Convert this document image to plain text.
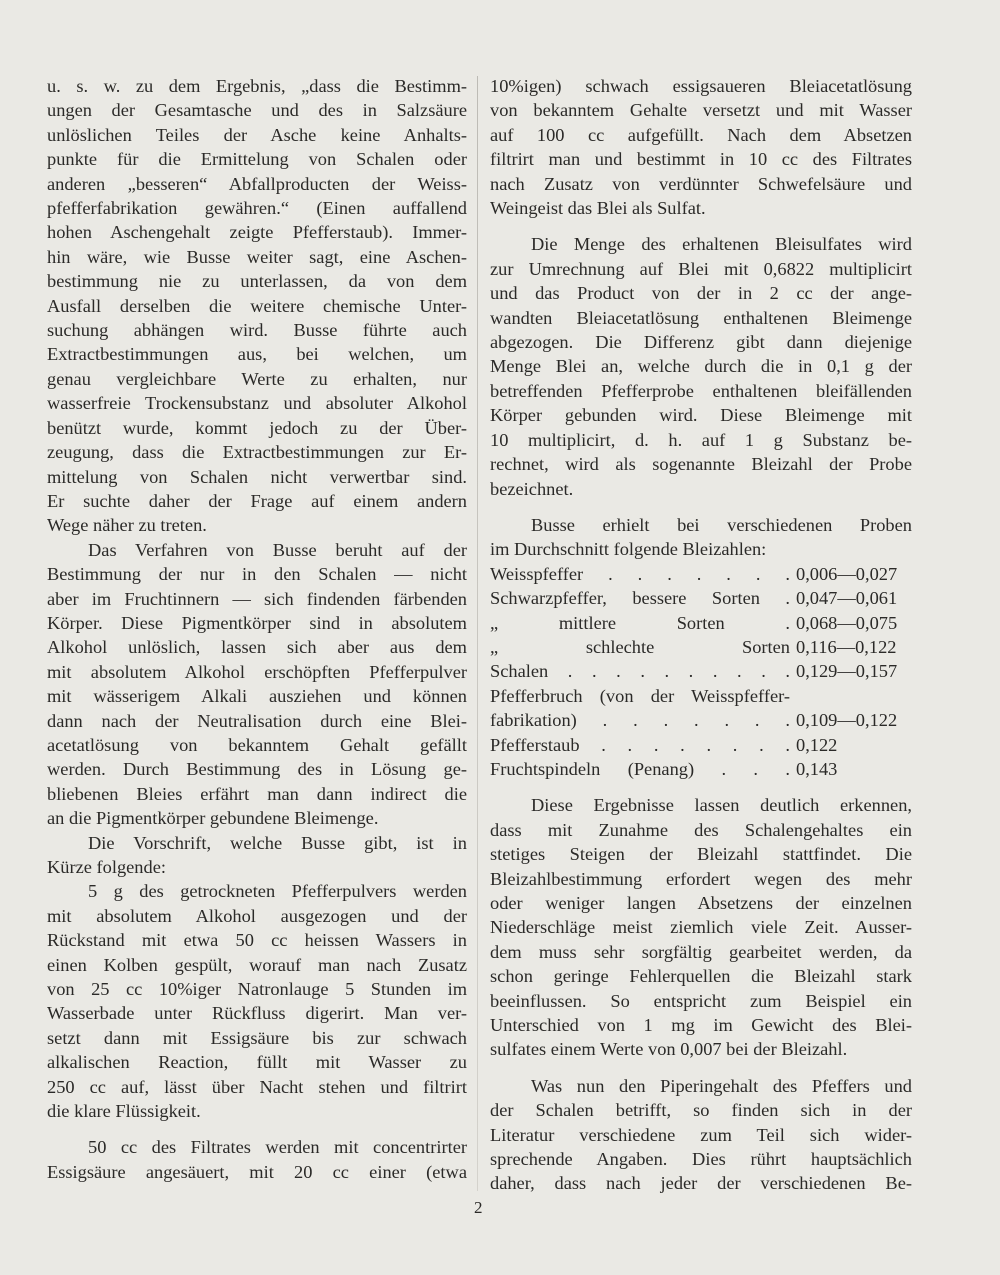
u. s. w. zu dem Ergebnis, „dass die Bestimm-

ungen der Gesamtasche und des in Salzsäure

unlöslichen Teiles der Asche keine Anhalts-

punkte für die Ermittelung von Schalen oder

anderen „besseren“ Abfallproducten der Weiss-

pfefferfabrikation gewähren.“ (Einen auffallend

hohen Aschengehalt zeigte Pfefferstaub). Immer-

hin wäre, wie Busse weiter sagt, eine Aschen-

bestimmung nie zu unterlassen, da von dem

Ausfall derselben die weitere chemische Unter-

suchung abhängen wird. Busse führte auch

Extractbestimmungen aus, bei welchen, um

genau vergleichbare Werte zu erhalten, nur

wasserfreie Trockensubstanz und absoluter Alkohol

benützt wurde, kommt jedoch zu der Über-

zeugung, dass die Extractbestimmungen zur Er-

mittelung von Schalen nicht verwertbar sind.

Er suchte daher der Frage auf einem andern

Wege näher zu treten.

Das Verfahren von Busse beruht auf der

Bestimmung der nur in den Schalen — nicht

aber im Fruchtinnern — sich findenden färbenden

Körper. Diese Pigmentkörper sind in absolutem

Alkohol unlöslich, lassen sich aber aus dem

mit absolutem Alkohol erschöpften Pfefferpulver

mit wässerigem Alkali ausziehen und können

dann nach der Neutralisation durch eine Blei-

acetatlösung von bekanntem Gehalt gefällt

werden. Durch Bestimmung des in Lösung ge-

bliebenen Bleies erfährt man dann indirect die

an die Pigmentkörper gebundene Bleimenge.

Die Vorschrift, welche Busse gibt, ist in

Kürze folgende:

5 g des getrockneten Pfefferpulvers werden

mit absolutem Alkohol ausgezogen und der

Rückstand mit etwa 50 cc heissen Wassers in

einen Kolben gespült, worauf man nach Zusatz

von 25 cc 10%iger Natronlauge 5 Stunden im

Wasserbade unter Rückfluss digerirt. Man ver-

setzt dann mit Essigsäure bis zur schwach

alkalischen Reaction, füllt mit Wasser zu

250 cc auf, lässt über Nacht stehen und filtrirt

die klare Flüssigkeit.

50 cc des Filtrates werden mit concentrirter

Essigsäure angesäuert, mit 20 cc einer (etwa

10%igen) schwach essigsaueren Bleiacetatlösung

von bekanntem Gehalte versetzt und mit Wasser

auf 100 cc aufgefüllt. Nach dem Absetzen

filtrirt man und bestimmt in 10 cc des Filtrates

nach Zusatz von verdünnter Schwefelsäure und

Weingeist das Blei als Sulfat.

Die Menge des erhaltenen Bleisulfates wird

zur Umrechnung auf Blei mit 0,6822 multiplicirt

und das Product von der in 2 cc der ange-

wandten Bleiacetatlösung enthaltenen Bleimenge

abgezogen. Die Differenz gibt dann diejenige

Menge Blei an, welche durch die in 0,1 g der

betreffenden Pfefferprobe enthaltenen bleifällenden

Körper gebunden wird. Diese Bleimenge mit

10 multiplicirt, d. h. auf 1 g Substanz be-

rechnet, wird als sogenannte Bleizahl der Probe

bezeichnet.

Busse erhielt bei verschiedenen Proben

im Durchschnitt folgende Bleizahlen:

Weisspfeffer . . . . . . .	0,006—0,027
Schwarzpfeffer, bessere Sorten .	0,047—0,061
„ mittlere Sorten .	0,068—0,075
„ schlechte Sorten	0,116—0,122
Schalen . . . . . . . . . .	0,129—0,157
Pfefferbruch (von der Weisspfeffer-	
fabrikation) . . . . . . .	0,109—0,122
Pfefferstaub . . . . . . . .	0,122
Fruchtspindeln (Penang) . . .	0,143

Diese Ergebnisse lassen deutlich erkennen,

dass mit Zunahme des Schalengehaltes ein

stetiges Steigen der Bleizahl stattfindet. Die

Bleizahlbestimmung erfordert wegen des mehr

oder weniger langen Absetzens der einzelnen

Niederschläge meist ziemlich viele Zeit. Ausser-

dem muss sehr sorgfältig gearbeitet werden, da

schon geringe Fehlerquellen die Bleizahl stark

beeinflussen. So entspricht zum Beispiel ein

Unterschied von 1 mg im Gewicht des Blei-

sulfates einem Werte von 0,007 bei der Bleizahl.

Was nun den Piperingehalt des Pfeffers und

der Schalen betrifft, so finden sich in der

Literatur verschiedene zum Teil sich wider-

sprechende Angaben. Dies rührt hauptsächlich

daher, dass nach jeder der verschiedenen Be-

2
